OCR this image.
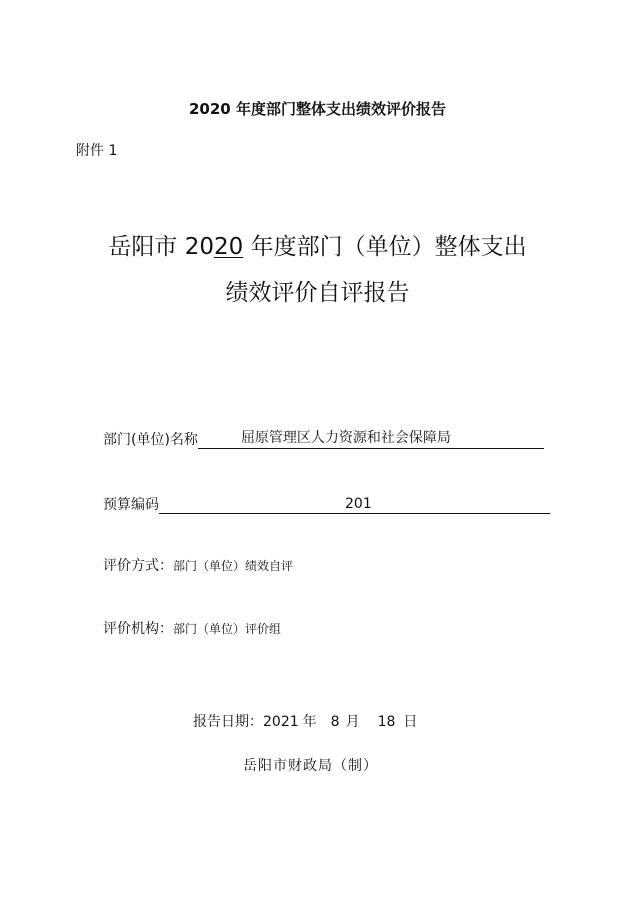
2020 年度部门整体支出绩效评价报告
附件 1
岳阳市 2020 年度部门（单位）整体支出
绩效评价自评报告
部门(单位)名称	屈原管理区人力资源和社会保障局
预算编码	201
评价方式：部门（单位）绩效自评
评价机构：部门（单位）评价组
报告日期：2021 年 8 月 18 日
岳阳市财政局（制）
